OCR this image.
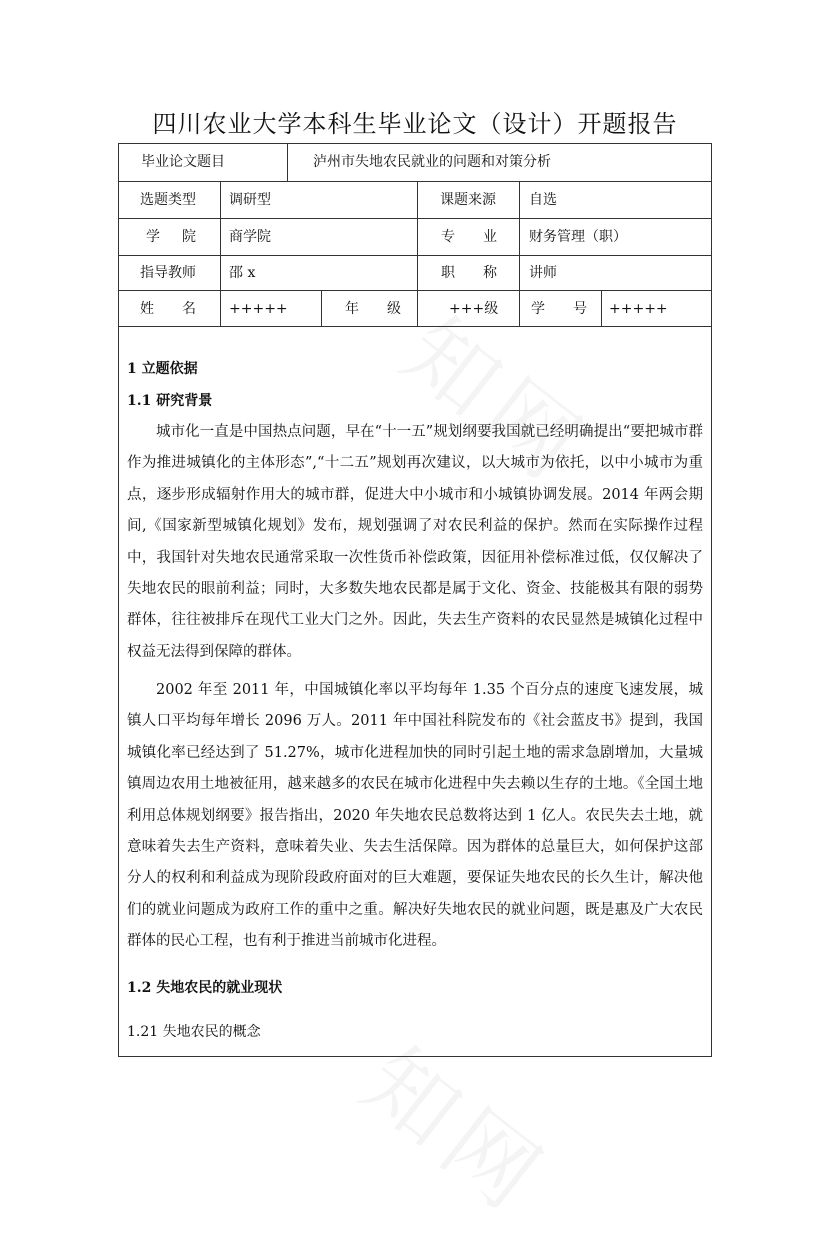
四川农业大学本科生毕业论文（设计）开题报告
毕业论文题目	泸州市失地农民就业的问题和对策分析
选题类型 调研型	课题来源 自选
学 院 商学院	专 业 财务管理（职）
指导教师 邵 x	职 称 讲师
姓 名 +++++	年 级	+++级 学 号 +++++
1 立题依据
1.1 研究背景

城市化一直是中国热点问题，早在“十一五”规划纲要我国就已经明确提出“要把城市群作为推进城镇化的主体形态”,“十二五”规划再次建议，以大城市为依托，以中小城市为重点，逐步形成辐射作用大的城市群，促进大中小城市和小城镇协调发展。2014 年两会期间,《国家新型城镇化规划》发布，规划强调了对农民利益的保护。然而在实际操作过程中，我国针对失地农民通常采取一次性货币补偿政策，因征用补偿标准过低，仅仅解决了失地农民的眼前利益；同时，大多数失地农民都是属于文化、资金、技能极其有限的弱势群体，往往被排斥在现代工业大门之外。因此，失去生产资料的农民显然是城镇化过程中权益无法得到保障的群体。

2002 年至 2011 年，中国城镇化率以平均每年 1.35 个百分点的速度飞速发展，城镇人口平均每年增长 2096 万人。2011 年中国社科院发布的《社会蓝皮书》提到，我国城镇化率已经达到了 51.27%，城市化进程加快的同时引起土地的需求急剧增加，大量城镇周边农用土地被征用，越来越多的农民在城市化进程中失去赖以生存的土地。《全国土地利用总体规划纲要》报告指出，2020 年失地农民总数将达到 1 亿人。农民失去土地，就意味着失去生产资料，意味着失业、失去生活保障。因为群体的总量巨大，如何保护这部分人的权利和利益成为现阶段政府面对的巨大难题，要保证失地农民的长久生计，解决他们的就业问题成为政府工作的重中之重。解决好失地农民的就业问题，既是惠及广大农民群体的民心工程，也有利于推进当前城市化进程。

1.2 失地农民的就业现状
1.21 失地农民的概念
